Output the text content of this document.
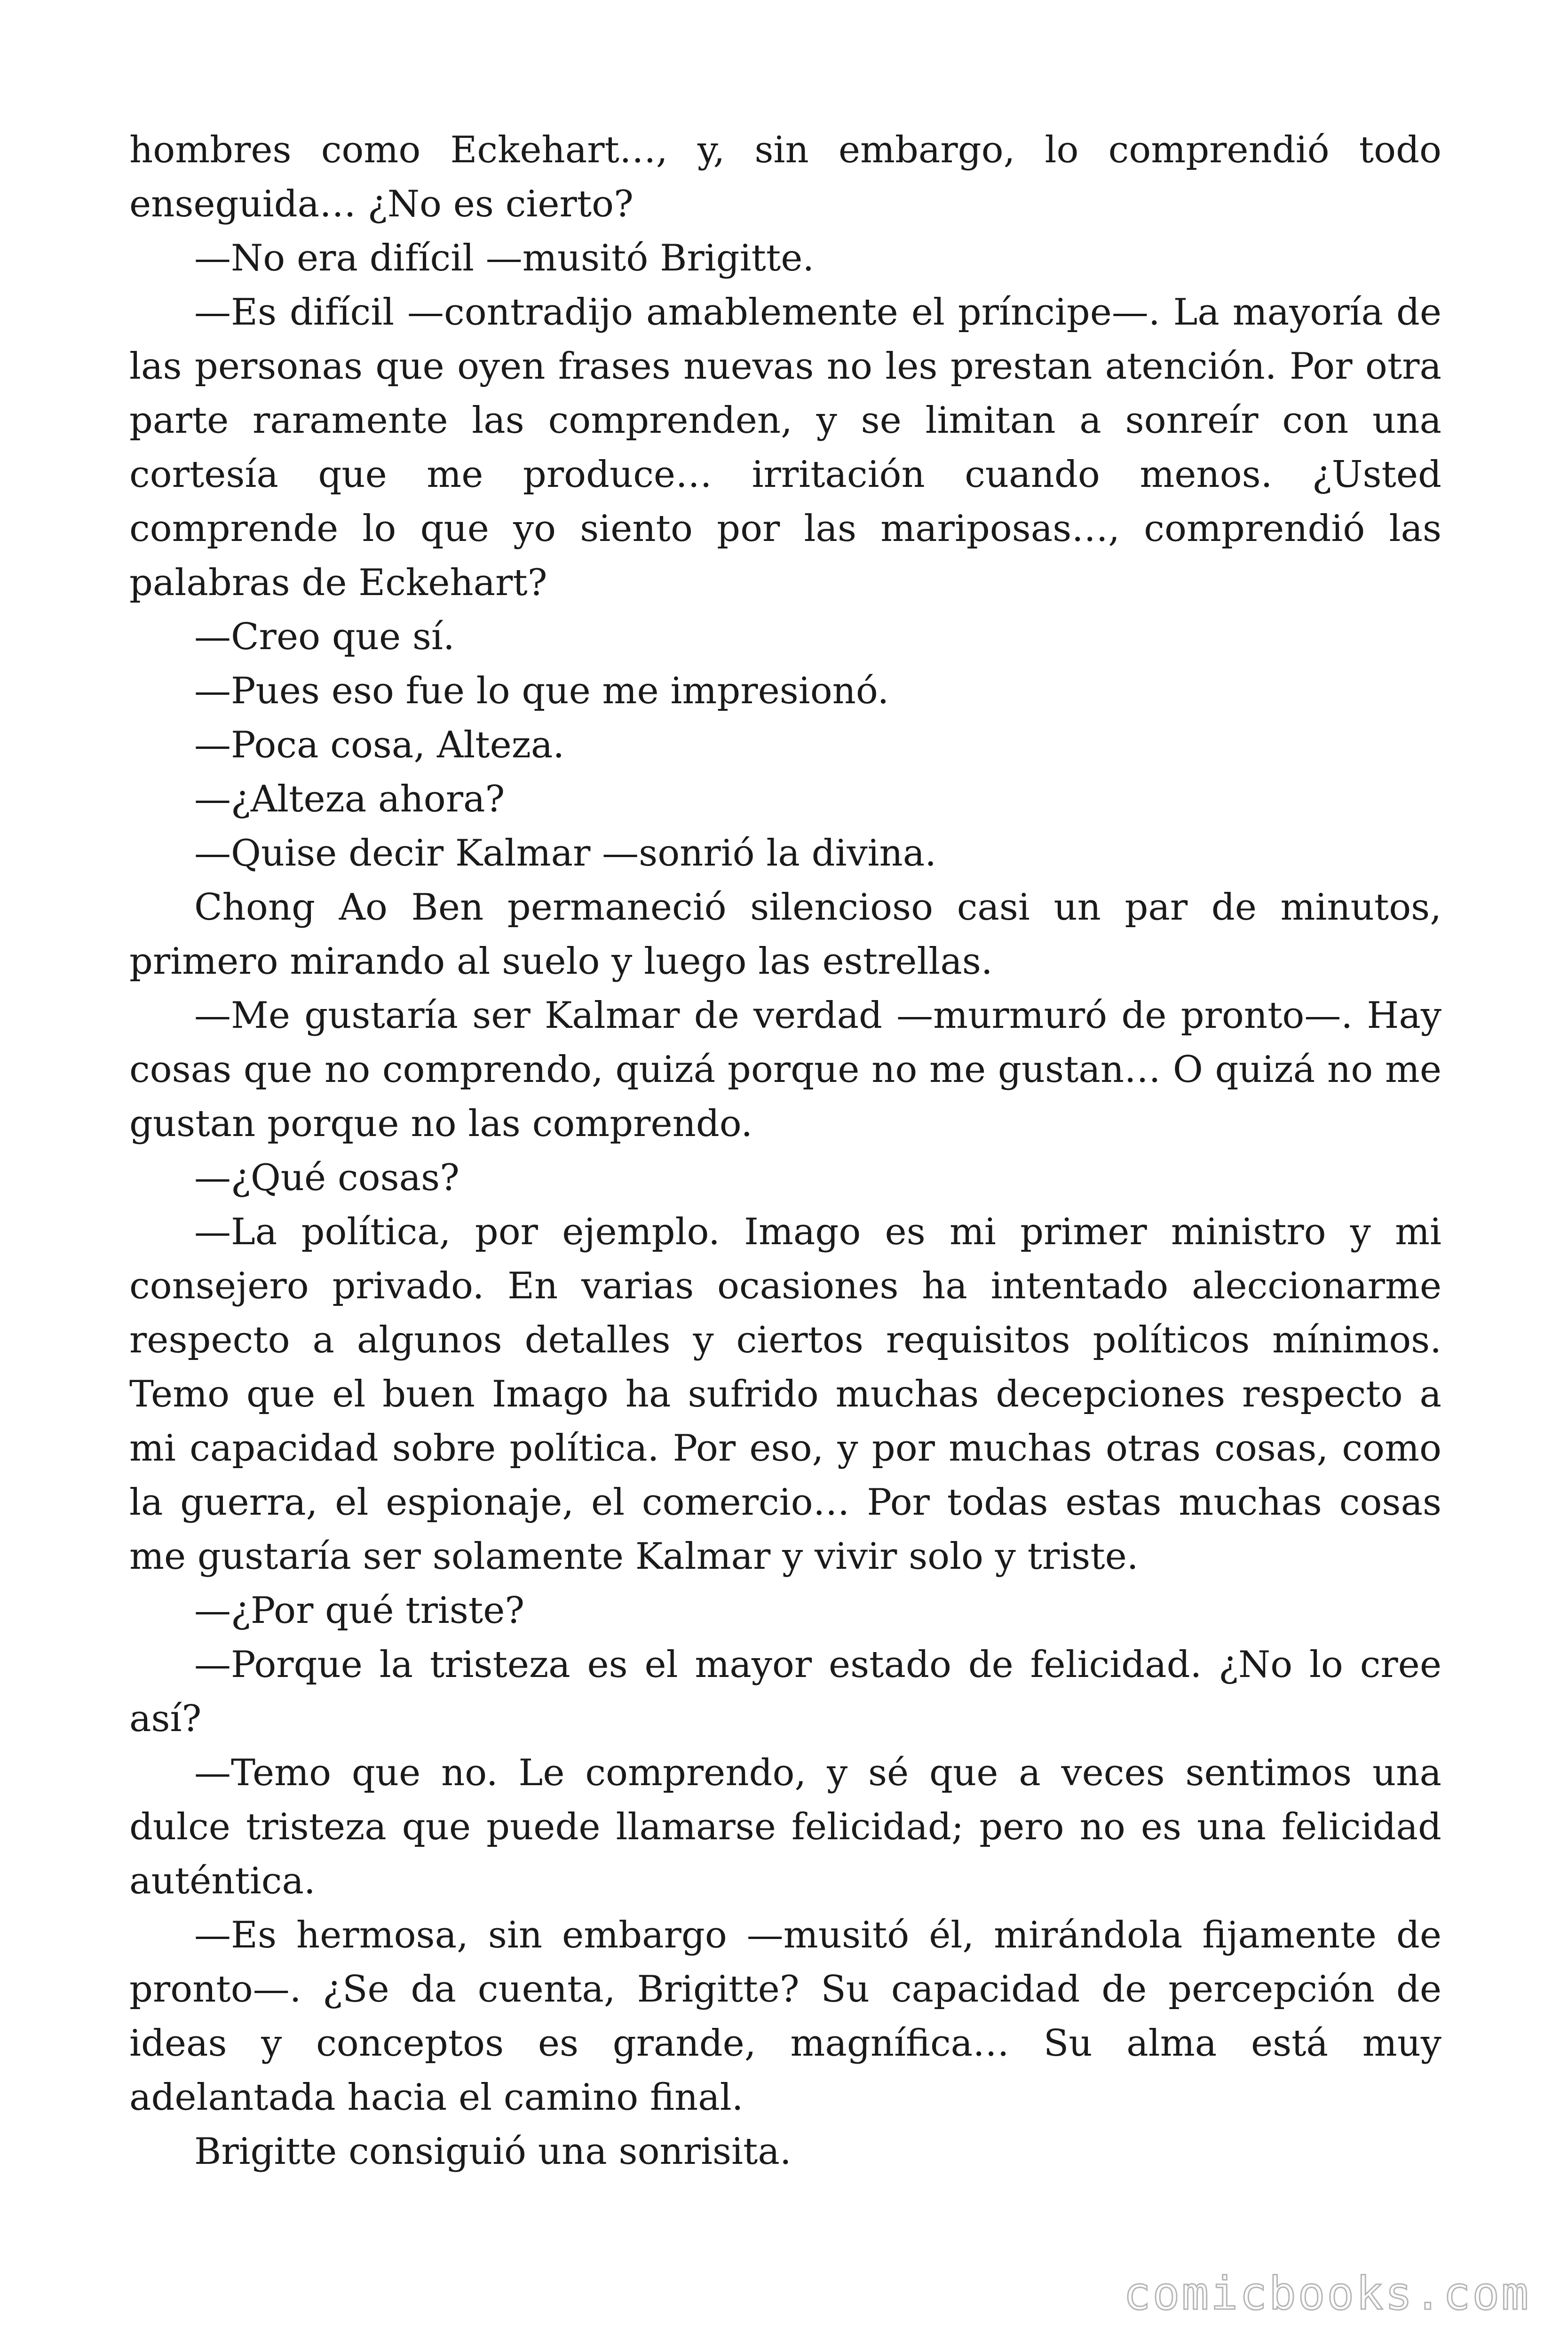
hombres como Eckehart…, y, sin embargo, lo comprendió todo enseguida… ¿No es cierto?

—No era difícil —musitó Brigitte.

—Es difícil —contradijo amablemente el príncipe—. La mayoría de las personas que oyen frases nuevas no les prestan atención. Por otra parte raramente las comprenden, y se limitan a sonreír con una cortesía que me produce… irritación cuando menos. ¿Usted comprende lo que yo siento por las mariposas…, comprendió las palabras de Eckehart?

—Creo que sí.

—Pues eso fue lo que me impresionó.

—Poca cosa, Alteza.

—¿Alteza ahora?

—Quise decir Kalmar —sonrió la divina.

Chong Ao Ben permaneció silencioso casi un par de minutos, primero mirando al suelo y luego las estrellas.

—Me gustaría ser Kalmar de verdad —murmuró de pronto—. Hay cosas que no comprendo, quizá porque no me gustan… O quizá no me gustan porque no las comprendo.

—¿Qué cosas?

—La política, por ejemplo. Imago es mi primer ministro y mi consejero privado. En varias ocasiones ha intentado aleccionarme respecto a algunos detalles y ciertos requisitos políticos mínimos. Temo que el buen Imago ha sufrido muchas decepciones respecto a mi capacidad sobre política. Por eso, y por muchas otras cosas, como la guerra, el espionaje, el comercio… Por todas estas muchas cosas me gustaría ser solamente Kalmar y vivir solo y triste.

—¿Por qué triste?

—Porque la tristeza es el mayor estado de felicidad. ¿No lo cree así?

—Temo que no. Le comprendo, y sé que a veces sentimos una dulce tristeza que puede llamarse felicidad; pero no es una felicidad auténtica.

—Es hermosa, sin embargo —musitó él, mirándola fijamente de pronto—. ¿Se da cuenta, Brigitte? Su capacidad de percepción de ideas y conceptos es grande, magnífica… Su alma está muy adelantada hacia el camino final.

Brigitte consiguió una sonrisita.

comicbooks.com
